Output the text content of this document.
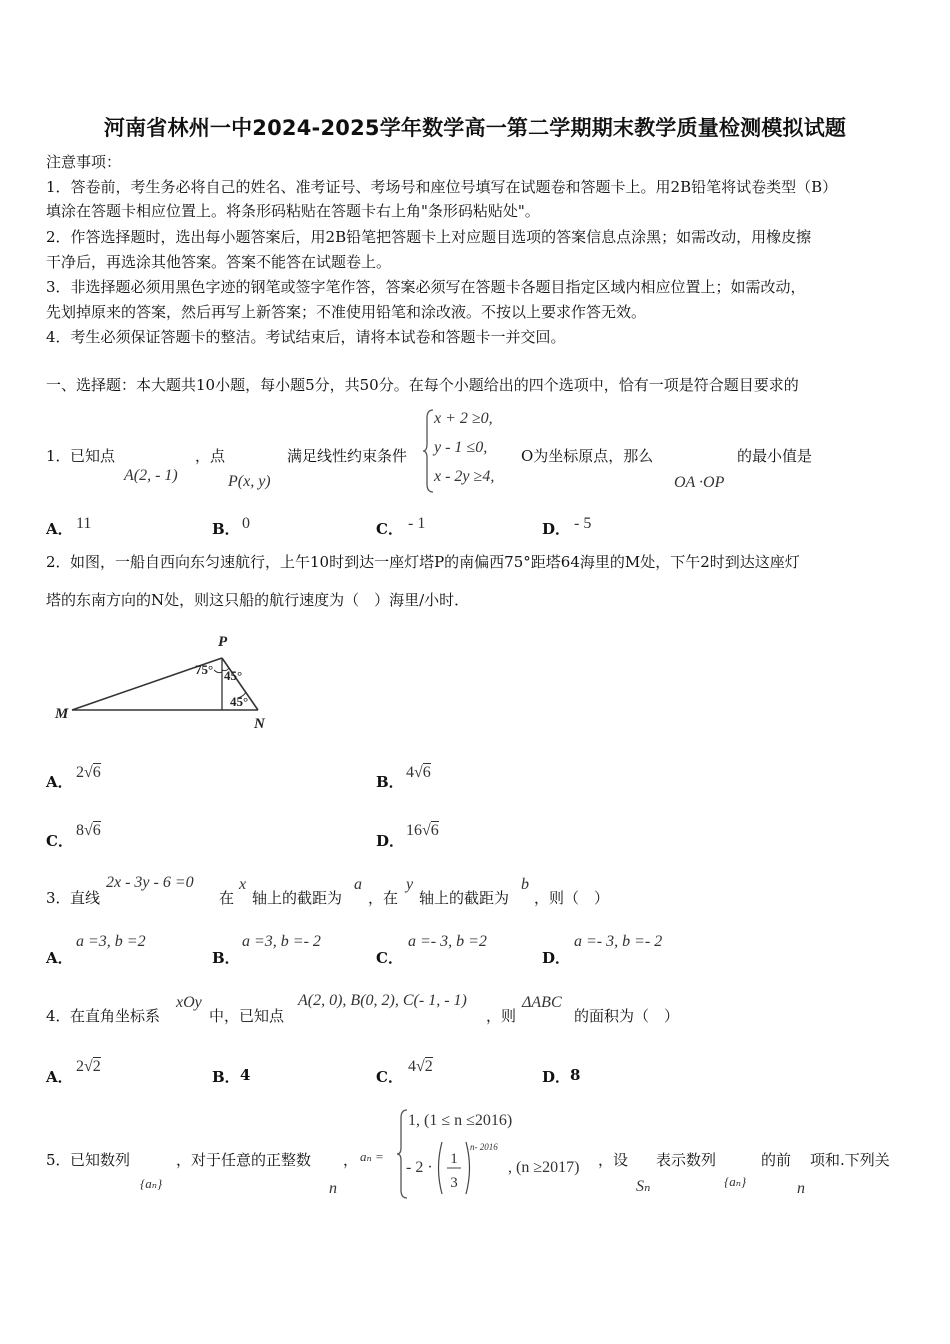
河南省林州一中2024-2025学年数学高一第二学期期末教学质量检测模拟试题
注意事项：
1．答卷前，考生务必将自己的姓名、准考证号、考场号和座位号填写在试题卷和答题卡上。用2B铅笔将试卷类型（B）
填涂在答题卡相应位置上。将条形码粘贴在答题卡右上角"条形码粘贴处"。
2．作答选择题时，选出每小题答案后，用2B铅笔把答题卡上对应题目选项的答案信息点涂黑；如需改动，用橡皮擦
干净后，再选涂其他答案。答案不能答在试题卷上。
3．非选择题必须用黑色字迹的钢笔或签字笔作答，答案必须写在答题卡各题目指定区域内相应位置上；如需改动，
先划掉原来的答案，然后再写上新答案；不准使用铅笔和涂改液。不按以上要求作答无效。
4．考生必须保证答题卡的整洁。考试结束后，请将本试卷和答题卡一并交回。
一、选择题：本大题共10小题，每小题5分，共50分。在每个小题给出的四个选项中，恰有一项是符合题目要求的
1． 已知点
A(2, - 1)
，点
P(x, y)
满足线性约束条件
x + 2 ≥0,
y - 1 ≤0,
x - 2y ≥4,
O为坐标原点，那么
OA ·OP
的最小值是
A． 11	B． 0	C． - 1	D． - 5
2． 如图，一船自西向东匀速航行，上午10时到达一座灯塔P的南偏西75°距塔64海里的M处，下午2时到达这座灯
塔的东南方向的N处，则这只船的航行速度为（　）海里/小时．
P
M
N
75° 45°
45°
A．
2√6
B．
4√6
C．
8√6
D．
16√6
3． 直线
2x - 3y - 6 =0
在
x
轴上的截距为
a
，在
y
轴上的截距为
b
，则（　）
A．
a =3, b =2
B．
a =3, b =- 2
C．
a =- 3, b =2
D．
a =- 3, b =- 2
4． 在直角坐标系
xOy
中，已知点
A(2, 0), B(0, 2), C(- 1, - 1)
，则
ΔABC
的面积为（　）
A．
2√2
B． 4	C．
4√2
D． 8
5． 已知数列
{aₙ}
，对于任意的正整数
n
， aₙ =
1, (1 ≤ n ≤2016)
- 2 · 1
3
n- 2016
, (n ≥2017) ，设
Sₙ
表示数列
{aₙ}
的前
n
项和.下列关
